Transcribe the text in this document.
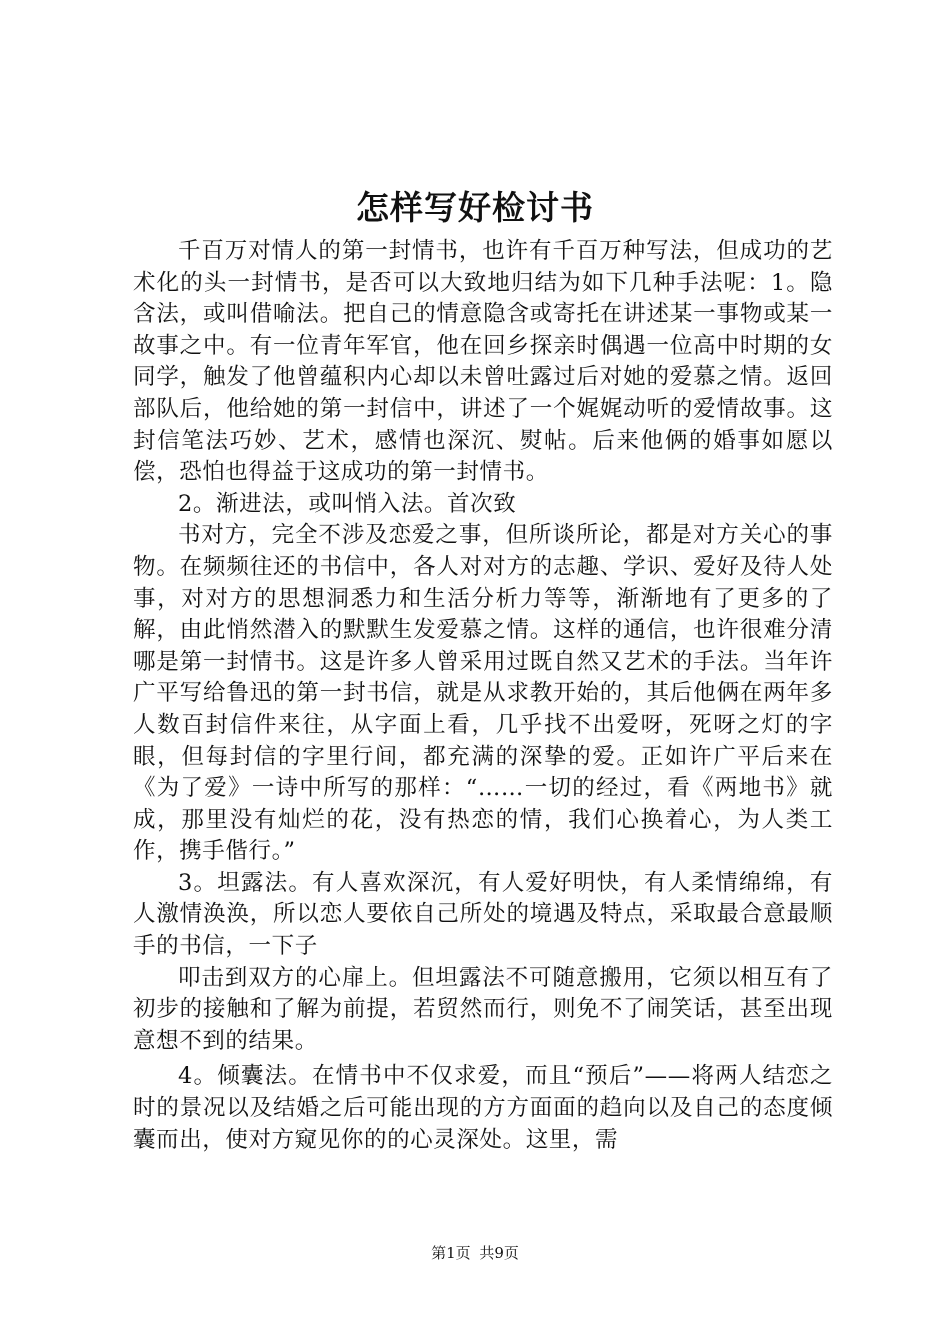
怎样写好检讨书

千百万对情人的第一封情书，也许有千百万种写法，但成功的艺术化的头一封情书，是否可以大致地归结为如下几种手法呢：1。隐含法，或叫借喻法。把自己的情意隐含或寄托在讲述某一事物或某一故事之中。有一位青年军官，他在回乡探亲时偶遇一位高中时期的女同学，触发了他曾蕴积内心却以未曾吐露过后对她的爱慕之情。返回部队后，他给她的第一封信中，讲述了一个娓娓动听的爱情故事。这封信笔法巧妙、艺术，感情也深沉、熨帖。后来他俩的婚事如愿以偿，恐怕也得益于这成功的第一封情书。

2。渐进法，或叫悄入法。首次致

书对方，完全不涉及恋爱之事，但所谈所论，都是对方关心的事物。在频频往还的书信中，各人对对方的志趣、学识、爱好及待人处事，对对方的思想洞悉力和生活分析力等等，渐渐地有了更多的了解，由此悄然潜入的默默生发爱慕之情。这样的通信，也许很难分清哪是第一封情书。这是许多人曾采用过既自然又艺术的手法。当年许广平写给鲁迅的第一封书信，就是从求教开始的，其后他俩在两年多人数百封信件来往，从字面上看，几乎找不出爱呀，死呀之灯的字眼，但每封信的字里行间，都充满的深挚的爱。正如许广平后来在《为了爱》一诗中所写的那样：“……一切的经过，看《两地书》就成，那里没有灿烂的花，没有热恋的情，我们心换着心，为人类工作，携手偕行。”

3。坦露法。有人喜欢深沉，有人爱好明快，有人柔情绵绵，有人激情涣涣，所以恋人要依自己所处的境遇及特点，采取最合意最顺手的书信，一下子

叩击到双方的心扉上。但坦露法不可随意搬用，它须以相互有了初步的接触和了解为前提，若贸然而行，则免不了闹笑话，甚至出现意想不到的结果。

4。倾囊法。在情书中不仅求爱，而且“预后”——将两人结恋之时的景况以及结婚之后可能出现的方方面面的趋向以及自己的态度倾囊而出，使对方窥见你的的心灵深处。这里，需

第1页 共9页
